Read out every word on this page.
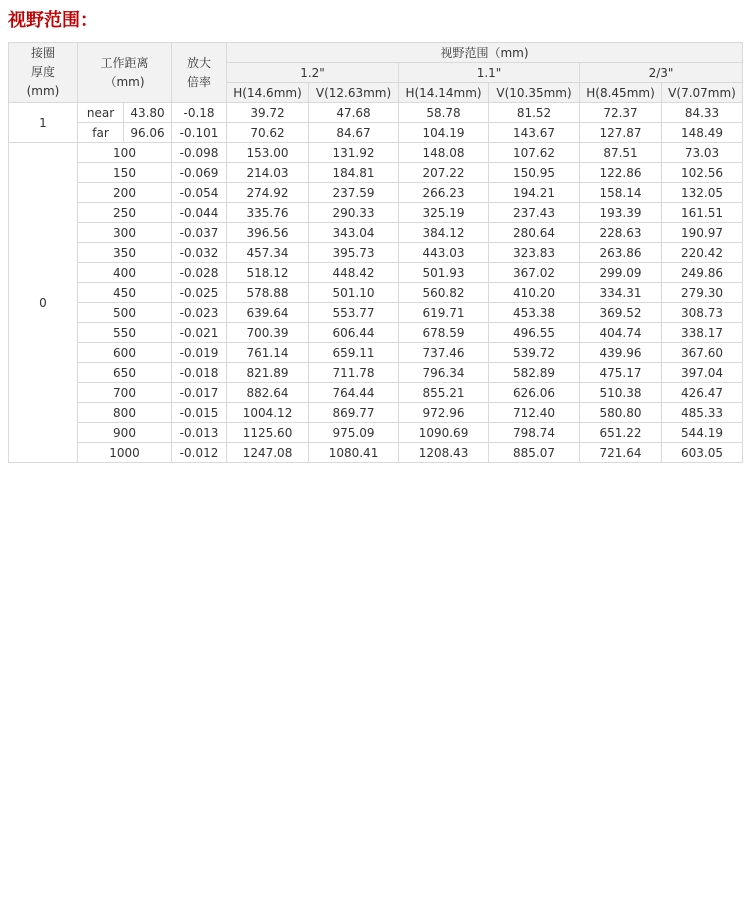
视野范围：
接圈
厚度
(mm)	工作距离
（mm)		放大
倍率	视野范围（mm)					
				1.2"		1.1"		2/3"	
				H(14.6mm)	V(12.63mm)	H(14.14mm)	V(10.35mm)	H(8.45mm)	V(7.07mm)
1	near	43.80	-0.18	39.72	47.68	58.78	81.52	72.37	84.33
	far	96.06	-0.101	70.62	84.67	104.19	143.67	127.87	148.49
0	100		-0.098	153.00	131.92	148.08	107.62	87.51	73.03
	150		-0.069	214.03	184.81	207.22	150.95	122.86	102.56
	200		-0.054	274.92	237.59	266.23	194.21	158.14	132.05
	250		-0.044	335.76	290.33	325.19	237.43	193.39	161.51
	300		-0.037	396.56	343.04	384.12	280.64	228.63	190.97
	350		-0.032	457.34	395.73	443.03	323.83	263.86	220.42
	400		-0.028	518.12	448.42	501.93	367.02	299.09	249.86
	450		-0.025	578.88	501.10	560.82	410.20	334.31	279.30
	500		-0.023	639.64	553.77	619.71	453.38	369.52	308.73
	550		-0.021	700.39	606.44	678.59	496.55	404.74	338.17
	600		-0.019	761.14	659.11	737.46	539.72	439.96	367.60
	650		-0.018	821.89	711.78	796.34	582.89	475.17	397.04
	700		-0.017	882.64	764.44	855.21	626.06	510.38	426.47
	800		-0.015	1004.12	869.77	972.96	712.40	580.80	485.33
	900		-0.013	1125.60	975.09	1090.69	798.74	651.22	544.19
	1000		-0.012	1247.08	1080.41	1208.43	885.07	721.64	603.05
